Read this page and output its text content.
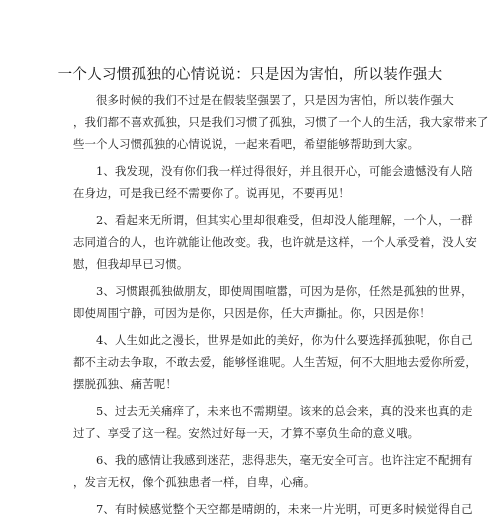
一个人习惯孤独的心情说说：只是因为害怕，所以装作强大
很多时候的我们不过是在假装坚强罢了，只是因为害怕，所以装作强大
，我们都不喜欢孤独，只是我们习惯了孤独，习惯了一个人的生活，我大家带来了
些一个人习惯孤独的心情说说，一起来看吧，希望能够帮助到大家。
1、我发现，没有你们我一样过得很好，并且很开心，可能会遗憾没有人陪
在身边，可是我已经不需要你了。说再见，不要再见！
2、看起来无所谓，但其实心里却很难受，但却没人能理解，一个人，一群
志同道合的人，也许就能让他改变。我，也许就是这样，一个人承受着，没人安
慰，但我却早已习惯。
3、习惯跟孤独做朋友，即使周围喧嚣，可因为是你，任然是孤独的世界，
即使周围宁静，可因为是你，只因是你，任大声撕扯。你，只因是你！
4、人生如此之漫长，世界是如此的美好，你为什么要选择孤独呢，你自己
都不主动去争取，不敢去爱，能够怪谁呢。人生苦短，何不大胆地去爱你所爱，
摆脱孤独、痛苦呢！
5、过去无关痛痒了，未来也不需期望。该来的总会来，真的没来也真的走
过了、享受了这一程。安然过好每一天，才算不辜负生命的意义哦。
6、我的感情让我感到迷茫，悲得悲失，毫无安全可言。也许注定不配拥有
，发言无权，像个孤独患者一样，自卑，心痛。
7、有时候感觉整个天空都是晴朗的，未来一片光明，可更多时候觉得自己
